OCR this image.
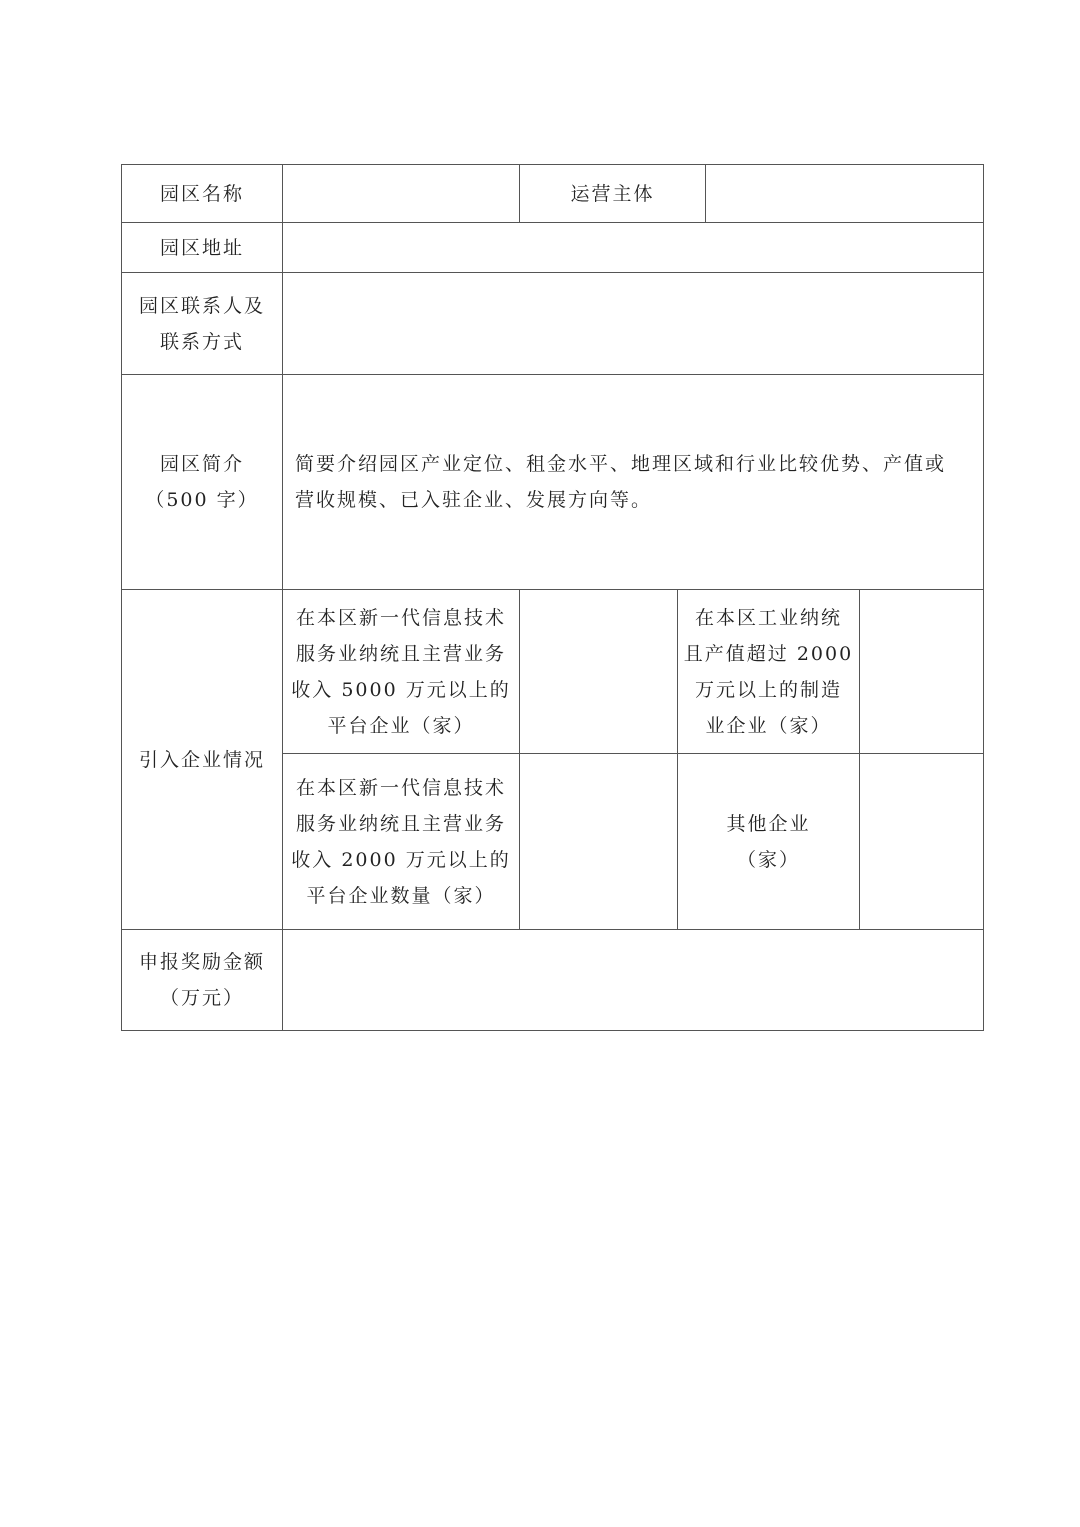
园区名称	运营主体
园区地址
园区联系人及
联系方式
园区简介
（500 字）
简要介绍园区产业定位、租金水平、地理区域和行业比较优势、产值或
营收规模、已入驻企业、发展方向等。
引入企业情况
在本区新一代信息技术
服务业纳统且主营业务
收入 5000 万元以上的
平台企业（家）
在本区工业纳统
且产值超过 2000
万元以上的制造
业企业（家）
在本区新一代信息技术
服务业纳统且主营业务
收入 2000 万元以上的
平台企业数量（家）
其他企业
（家）
申报奖励金额
（万元）
